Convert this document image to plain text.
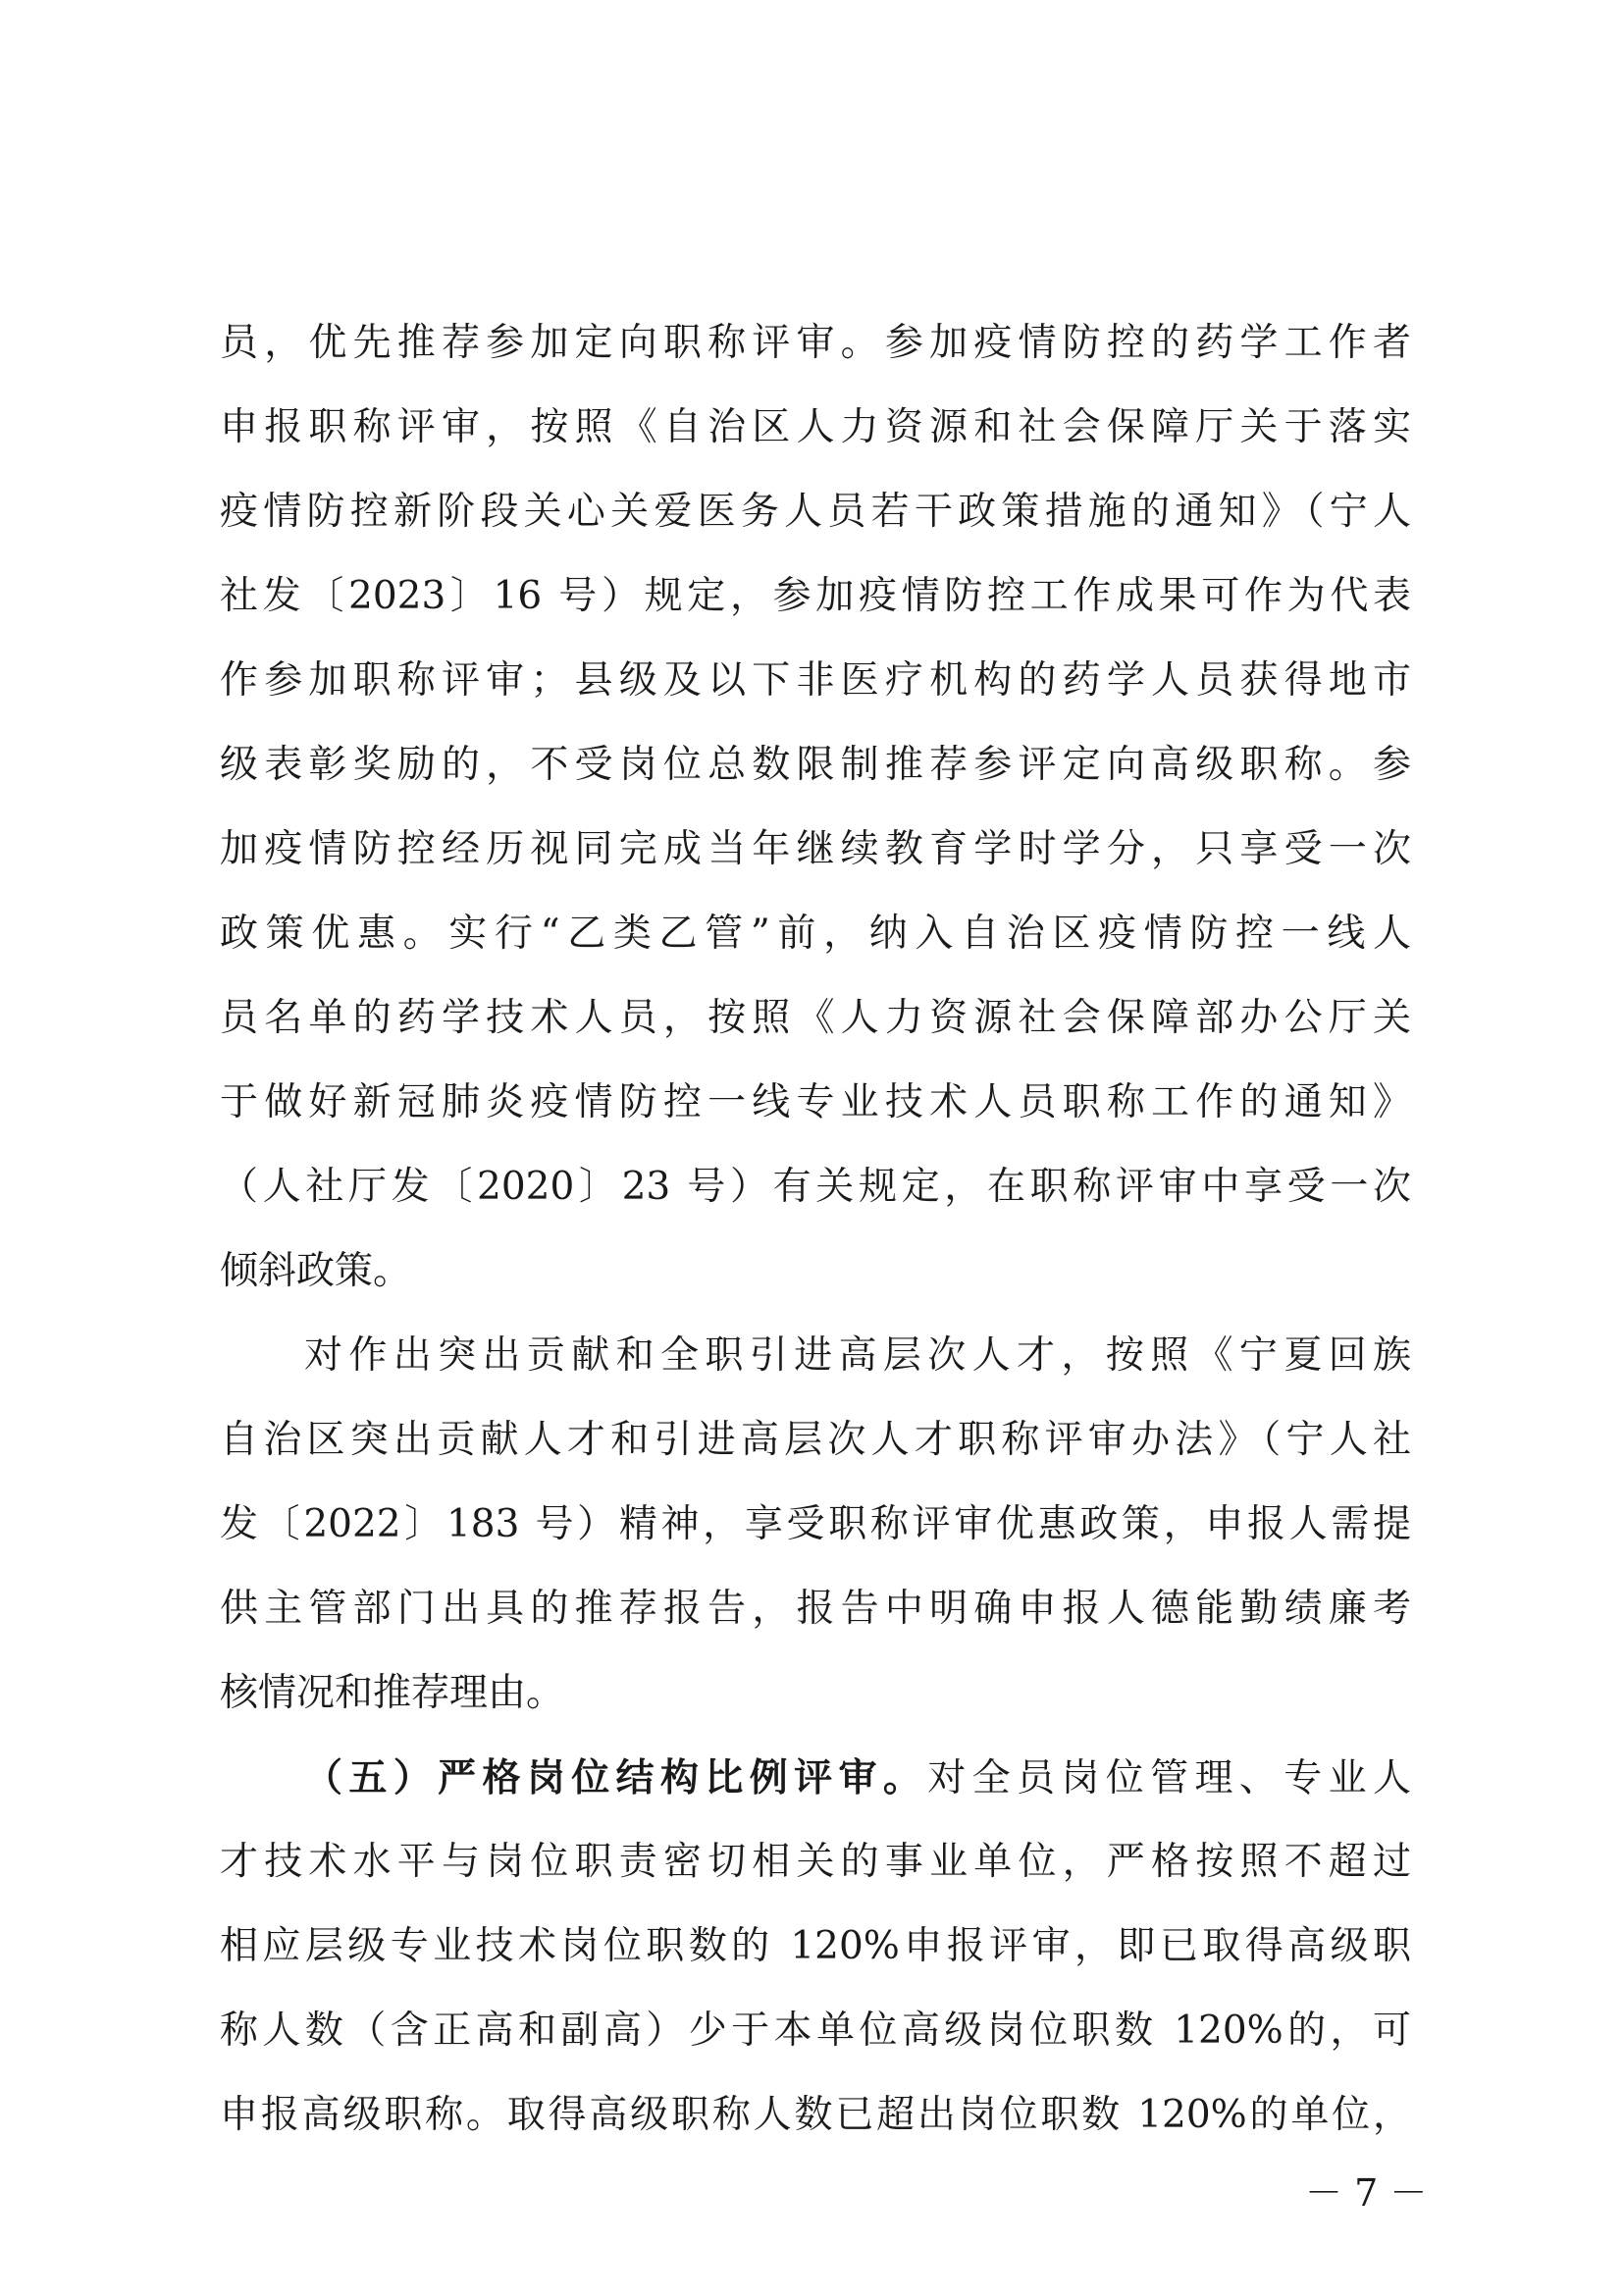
员，优先推荐参加定向职称评审。参加疫情防控的药学工作者
申报职称评审，按照《自治区人力资源和社会保障厅关于落实
疫情防控新阶段关心关爱医务人员若干政策措施的通知》（宁人
社发〔2023〕16 号）规定，参加疫情防控工作成果可作为代表
作参加职称评审；县级及以下非医疗机构的药学人员获得地市
级表彰奖励的，不受岗位总数限制推荐参评定向高级职称。参
加疫情防控经历视同完成当年继续教育学时学分，只享受一次
政策优惠。实行“乙类乙管”前，纳入自治区疫情防控一线人
员名单的药学技术人员，按照《人力资源社会保障部办公厅关
于做好新冠肺炎疫情防控一线专业技术人员职称工作的通知》
（人社厅发〔2020〕23 号）有关规定，在职称评审中享受一次
倾斜政策。
对作出突出贡献和全职引进高层次人才，按照《宁夏回族
自治区突出贡献人才和引进高层次人才职称评审办法》（宁人社
发〔2022〕183 号）精神，享受职称评审优惠政策，申报人需提
供主管部门出具的推荐报告，报告中明确申报人德能勤绩廉考
核情况和推荐理由。
（五）严格岗位结构比例评审。对全员岗位管理、专业人
才技术水平与岗位职责密切相关的事业单位，严格按照不超过
相应层级专业技术岗位职数的 120%申报评审，即已取得高级职
称人数（含正高和副高）少于本单位高级岗位职数 120%的，可
申报高级职称。取得高级职称人数已超出岗位职数 120%的单位，
－ 7 －
